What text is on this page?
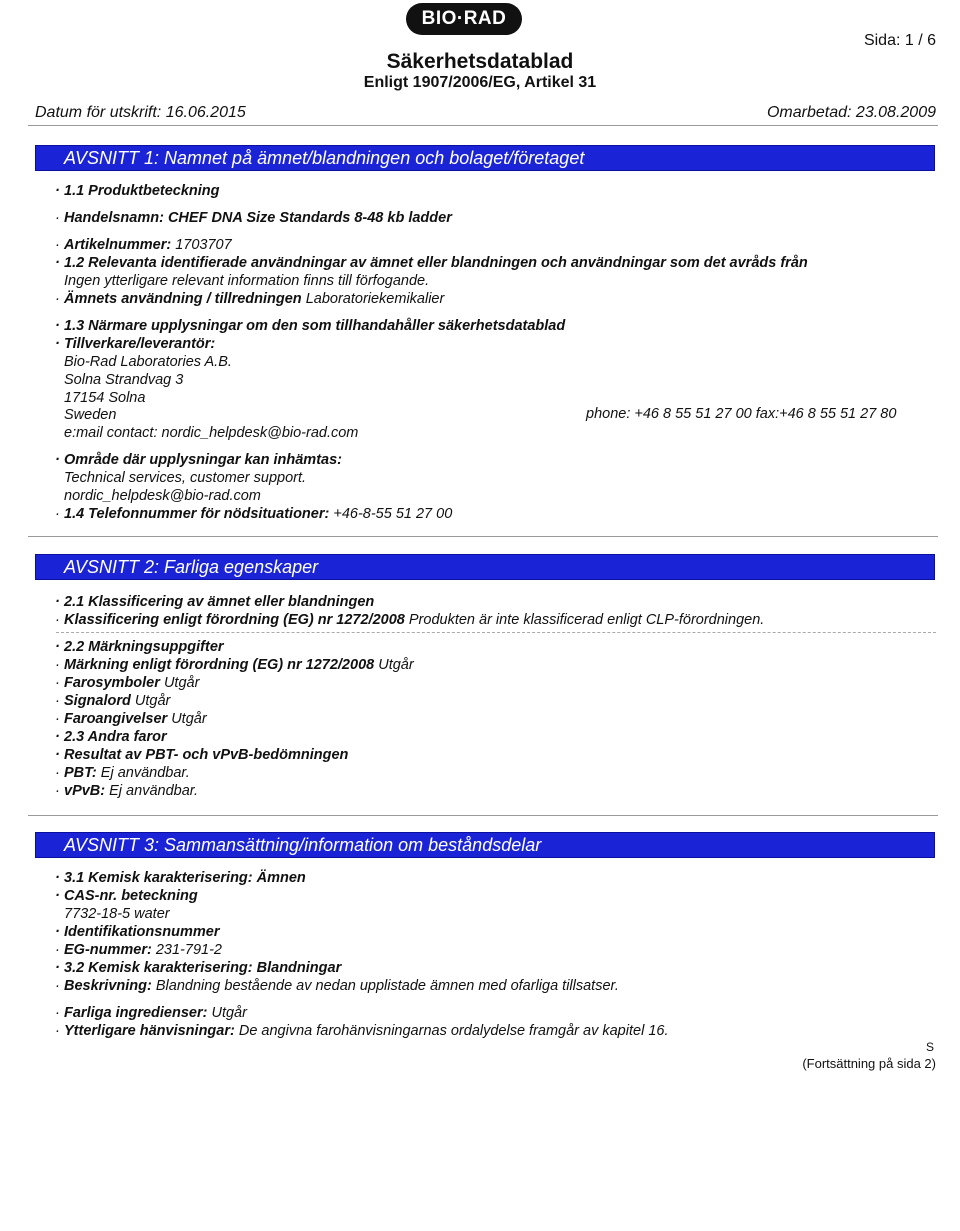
BIO·RAD
Sida: 1 / 6
Säkerhetsdatablad
Enligt 1907/2006/EG, Artikel 31
Datum för utskrift: 16.06.2015	Omarbetad: 23.08.2009
AVSNITT 1: Namnet på ämnet/blandningen och bolaget/företaget
· 1.1 Produktbeteckning
· Handelsnamn: CHEF DNA Size Standards 8-48 kb ladder
· Artikelnummer: 1703707
· 1.2 Relevanta identifierade användningar av ämnet eller blandningen och användningar som det avråds från
Ingen ytterligare relevant information finns till förfogande.
· Ämnets användning / tillredningen Laboratoriekemikalier
· 1.3 Närmare upplysningar om den som tillhandahåller säkerhetsdatablad
· Tillverkare/leverantör:
Bio-Rad Laboratories A.B.
Solna Strandvag 3
17154 Solna
Sweden	phone: +46 8 55 51 27 00 fax:+46 8 55 51 27 80
e:mail contact: nordic_helpdesk@bio-rad.com
· Område där upplysningar kan inhämtas:
Technical services, customer support.
nordic_helpdesk@bio-rad.com
· 1.4 Telefonnummer för nödsituationer: +46-8-55 51 27 00
AVSNITT 2: Farliga egenskaper
· 2.1 Klassificering av ämnet eller blandningen
· Klassificering enligt förordning (EG) nr 1272/2008 Produkten är inte klassificerad enligt CLP-förordningen.
· 2.2 Märkningsuppgifter
· Märkning enligt förordning (EG) nr 1272/2008 Utgår
· Farosymboler Utgår
· Signalord Utgår
· Faroangivelser Utgår
· 2.3 Andra faror
· Resultat av PBT- och vPvB-bedömningen
· PBT: Ej användbar.
· vPvB: Ej användbar.
AVSNITT 3: Sammansättning/information om beståndsdelar
· 3.1 Kemisk karakterisering: Ämnen
· CAS-nr. beteckning
7732-18-5 water
· Identifikationsnummer
· EG-nummer: 231-791-2
· 3.2 Kemisk karakterisering: Blandningar
· Beskrivning: Blandning bestående av nedan upplistade ämnen med ofarliga tillsatser.
· Farliga ingredienser: Utgår
· Ytterligare hänvisningar: De angivna farohänvisningarnas ordalydelse framgår av kapitel 16.
S
(Fortsättning på sida 2)
